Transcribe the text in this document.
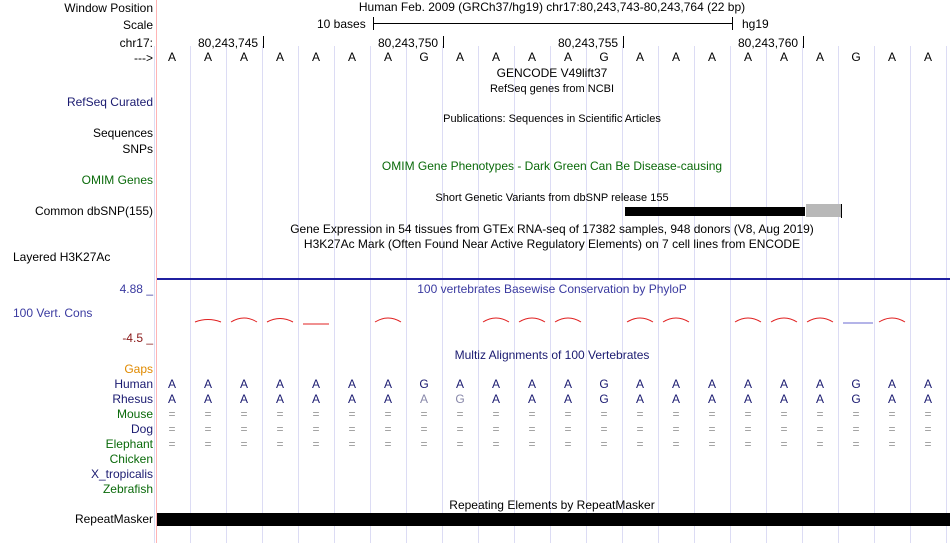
Window Position
Scale
chr17:
--->
RefSeq Curated
Sequences
SNPs
OMIM Genes
Common dbSNP(155)
Layered H3K27Ac
4.88 _
100 Vert. Cons
-4.5 _
Gaps
Human
Rhesus
Mouse
Dog
Elephant
Chicken
X_tropicalis
Zebrafish
RepeatMasker
Human Feb. 2009 (GRCh37/hg19) chr17:80,243,743-80,243,764 (22 bp)
10 bases	hg19
80,243,745	80,243,750	80,243,755	80,243,760
A	A	A	A	A	A	A	G	A	A	A	A	G	A	A	A	A	A	A	G	A	A
GENCODE V49lift37
RefSeq genes from NCBI
Publications: Sequences in Scientific Articles
OMIM Gene Phenotypes - Dark Green Can Be Disease-causing
Short Genetic Variants from dbSNP release 155
Gene Expression in 54 tissues from GTEx RNA-seq of 17382 samples, 948 donors (V8, Aug 2019)
H3K27Ac Mark (Often Found Near Active Regulatory Elements) on 7 cell lines from ENCODE
100 vertebrates Basewise Conservation by PhyloP
Multiz Alignments of 100 Vertebrates
A	A	A	A	A	A	A	G	A	A	A	A	G	A	A	A	A	A	A	G	A	A
A	A	A	A	A	A	A	A	G	A	A	A	G	A	A	A	A	A	A	G	A	A
=	=	=	=	=	=	=	=	=	=	=	=	=	=	=	=	=	=	=	=	=	=
=	=	=	=	=	=	=	=	=	=	=	=	=	=	=	=	=	=	=	=	=	=
=	=	=	=	=	=	=	=	=	=	=	=	=	=	=	=	=	=	=	=	=	=
Repeating Elements by RepeatMasker
